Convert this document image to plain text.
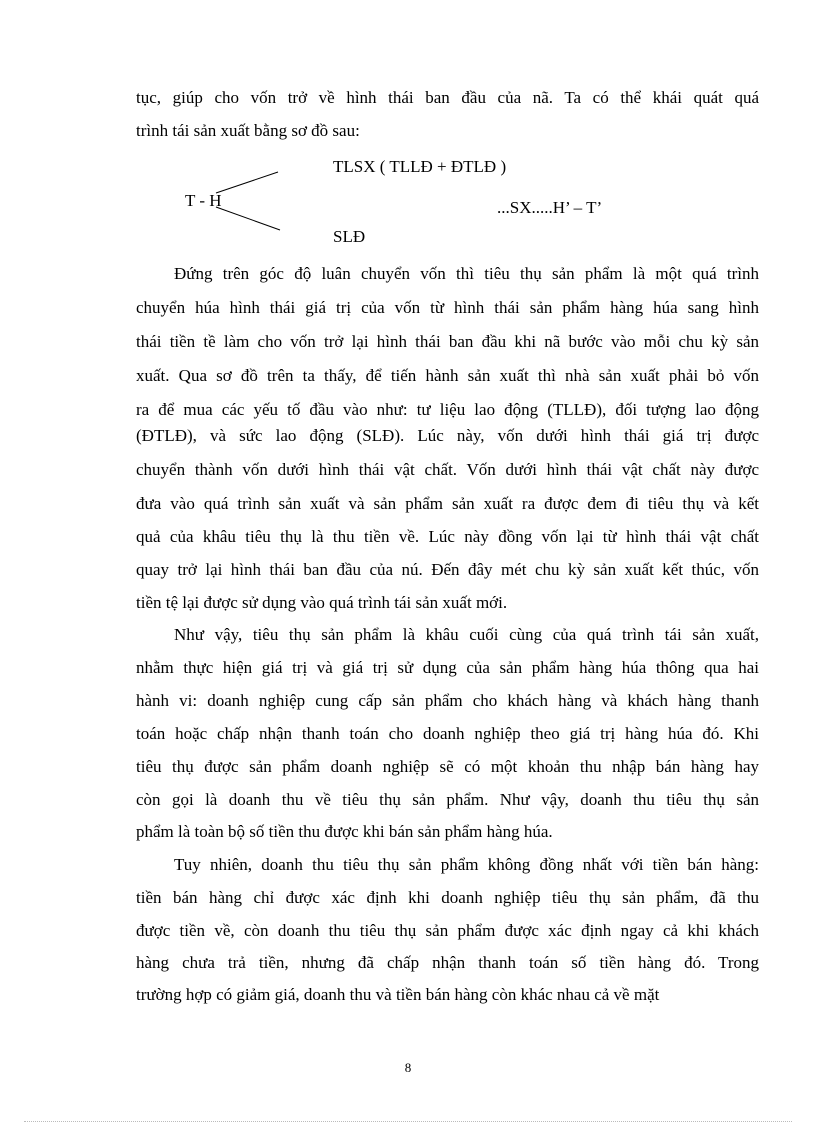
tục, giúp cho vốn trở về hình thái ban đầu của nã. Ta có thể khái quát quá
trình tái sản xuất bằng sơ đồ sau:
TLSX ( TLLĐ + ĐTLĐ )
T - H	...SX.....H’ – T’
SLĐ
Đứng trên góc độ luân chuyển vốn thì tiêu thụ sản phẩm là một quá trình
chuyển húa hình thái giá trị của vốn từ hình thái sản phẩm hàng húa sang hình
thái tiền tề làm cho vốn trở lại hình thái ban đầu khi nã bước vào mỗi chu kỳ sản
xuất. Qua sơ đồ trên ta thấy, để tiến hành sản xuất thì nhà sản xuất phải bỏ vốn
ra để mua các yếu tố đầu vào như: tư liệu lao động (TLLĐ), đối tượng lao động
(ĐTLĐ), và sức lao động (SLĐ). Lúc này, vốn dưới hình thái giá trị được
chuyển thành vốn dưới hình thái vật chất. Vốn dưới hình thái vật chất này được
đưa vào quá trình sản xuất và sản phẩm sản xuất ra được đem đi tiêu thụ và kết
quả của khâu tiêu thụ là thu tiền về. Lúc này đồng vốn lại từ hình thái vật chất
quay trở lại hình thái ban đầu của nú. Đến đây mét chu kỳ sản xuất kết thúc, vốn
tiền tệ lại được sử dụng vào quá trình tái sản xuất mới.
Như vậy, tiêu thụ sản phẩm là khâu cuối cùng của quá trình tái sản xuất,
nhằm thực hiện giá trị và giá trị sử dụng của sản phẩm hàng húa thông qua hai
hành vi: doanh nghiệp cung cấp sản phẩm cho khách hàng và khách hàng thanh
toán hoặc chấp nhận thanh toán cho doanh nghiệp theo giá trị hàng húa đó. Khi
tiêu thụ được sản phẩm doanh nghiệp sẽ có một khoản thu nhập bán hàng hay
còn gọi là doanh thu về tiêu thụ sản phẩm. Như vậy, doanh thu tiêu thụ sản
phẩm là toàn bộ số tiền thu được khi bán sản phẩm hàng húa.
Tuy nhiên, doanh thu tiêu thụ sản phẩm không đồng nhất với tiền bán hàng:
tiền bán hàng chỉ được xác định khi doanh nghiệp tiêu thụ sản phẩm, đã thu
được tiền về, còn doanh thu tiêu thụ sản phẩm được xác định ngay cả khi khách
hàng chưa trả tiền, nhưng đã chấp nhận thanh toán số tiền hàng đó. Trong
trường hợp có giảm giá, doanh thu và tiền bán hàng còn khác nhau cả về mặt
8
